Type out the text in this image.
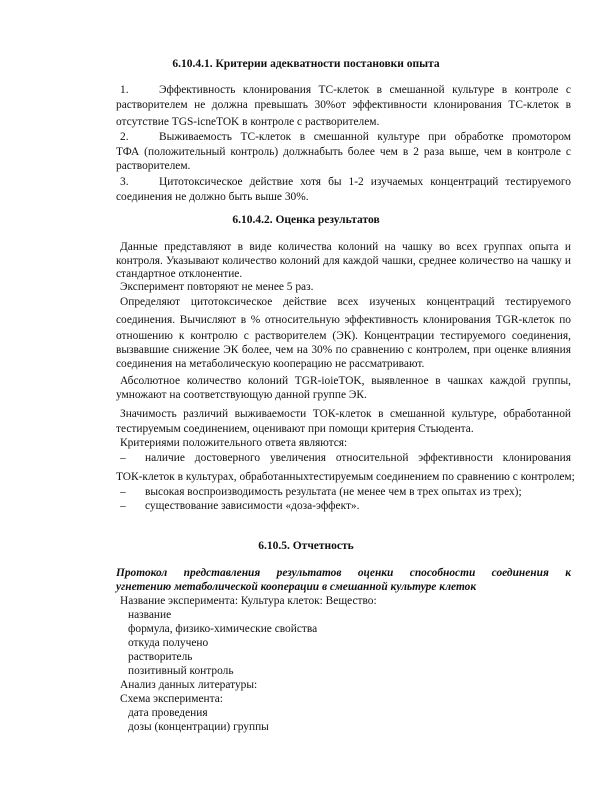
6.10.4.1. Критерии адекватности постановки опыта
1.	Эффективность клонирования ТС-клеток в смешанной культуре в контроле с
растворителем не должна превышать 30%от эффективности клонирования ТС-клеток в
отсутствие TGS-icneTOK в контроле с растворителем.
2.	Выживаемость ТС-клеток в смешанной культуре при обработке промотором
ТФА (положительный контроль) должнабыть более чем в 2 раза выше, чем в контроле с
растворителем.
3.	Цитотоксическое действие хотя бы 1-2 изучаемых концентраций тестируемого
соединения не должно быть выше 30%.
6.10.4.2. Оценка результатов
Данные представляют в виде количества колоний на чашку во всех группах опыта и
контроля. Указывают количество колоний для каждой чашки, среднее количество на чашку и
стандартное отклонентие.
Эксперимент повторяют не менее 5 раз.
Определяют цитотоксическое действие всех изученых концентраций тестируемого
соединения. Вычисляют в % относительную эффективность клонирования TGR-клеток по
отношению к контролю с растворителем (ЭК). Концентрации тестируемого соединения,
вызвавшие снижение ЭК более, чем на 30% по сравнению с контролем, при оценке влияния
соединения на метаболическую кооперацию не рассматривают.
Абсолютное количество колоний TGR-ioieTOK, выявленное в чашках каждой группы,
умножают на соответствующую данной группе ЭК.
Значимость различий выживаемости ТОК-клеток в смешанной культуре, обработанной
тестируемым соединением, оценивают при помощи критерия Стьюдента.
Критериями положительного ответа являются:
– наличие достоверного увеличения относительной эффективности клонирования
ТОК-клеток в культурах, обработанныхтестируемым соединением по сравнению с контролем;
– высокая воспроизводимость результата (не менее чем в трех опытах из трех);
– существование зависимости «доза-эффект».
6.10.5. Отчетность
Протокол представления результатов оценки способности соединения к
угнетению метаболической кооперации в смешанной культуре клеток
Название эксперимента: Культура клеток: Вещество:
название
формула, физико-химические свойства
откуда получено
растворитель
позитивный контроль
Анализ данных литературы:
Схема эксперимента:
дата проведения
дозы (концентрации) группы
